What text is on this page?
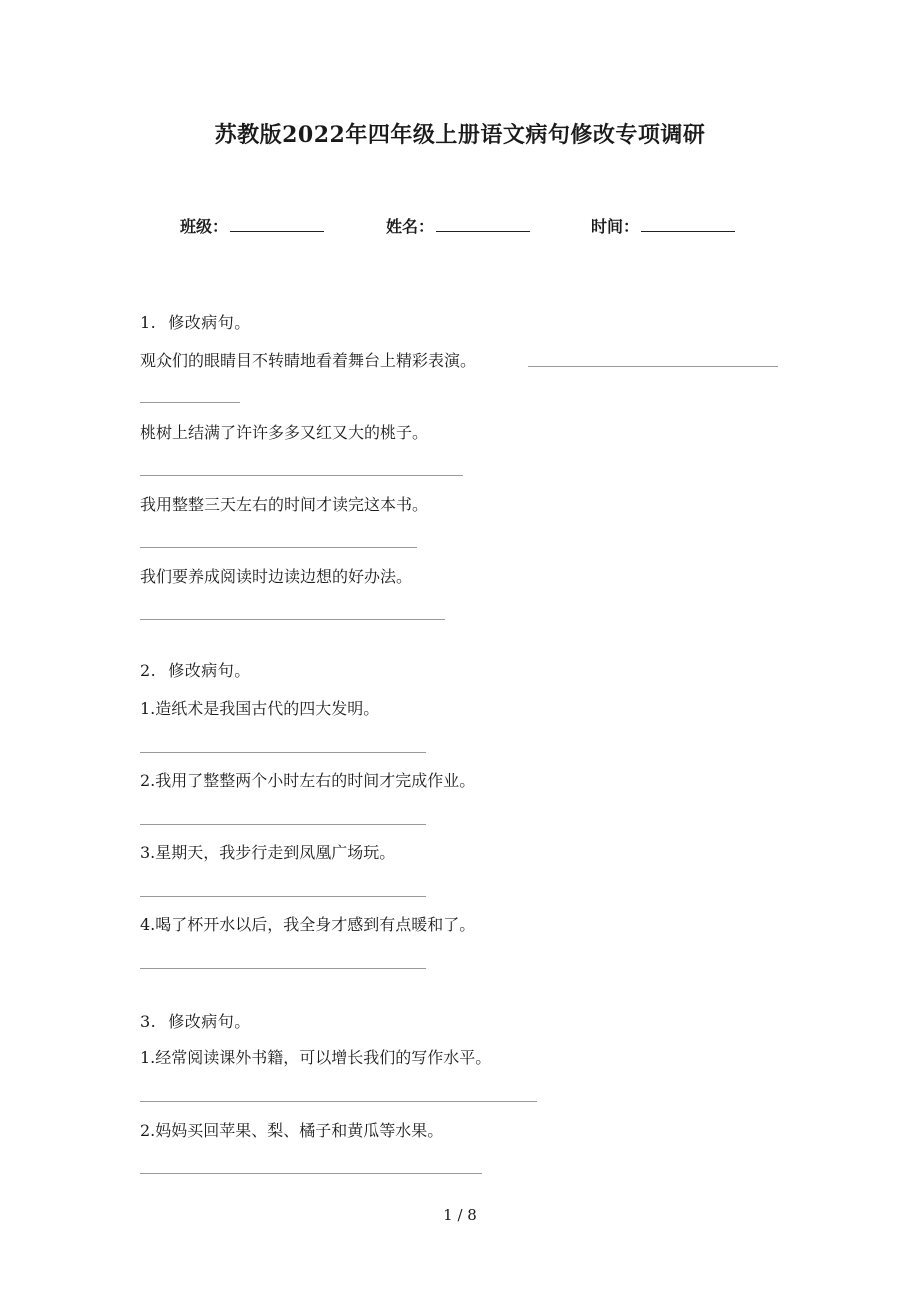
苏教版2022年四年级上册语文病句修改专项调研
班级：	姓名：	时间：
1. 修改病句。
观众们的眼睛目不转睛地看着舞台上精彩表演。
桃树上结满了许许多多又红又大的桃子。
我用整整三天左右的时间才读完这本书。
我们要养成阅读时边读边想的好办法。
2. 修改病句。
1.造纸术是我国古代的四大发明。
2.我用了整整两个小时左右的时间才完成作业。
3.星期天，我步行走到凤凰广场玩。
4.喝了杯开水以后，我全身才感到有点暖和了。
3. 修改病句。
1.经常阅读课外书籍，可以增长我们的写作水平。
2.妈妈买回苹果、梨、橘子和黄瓜等水果。
1 / 8
